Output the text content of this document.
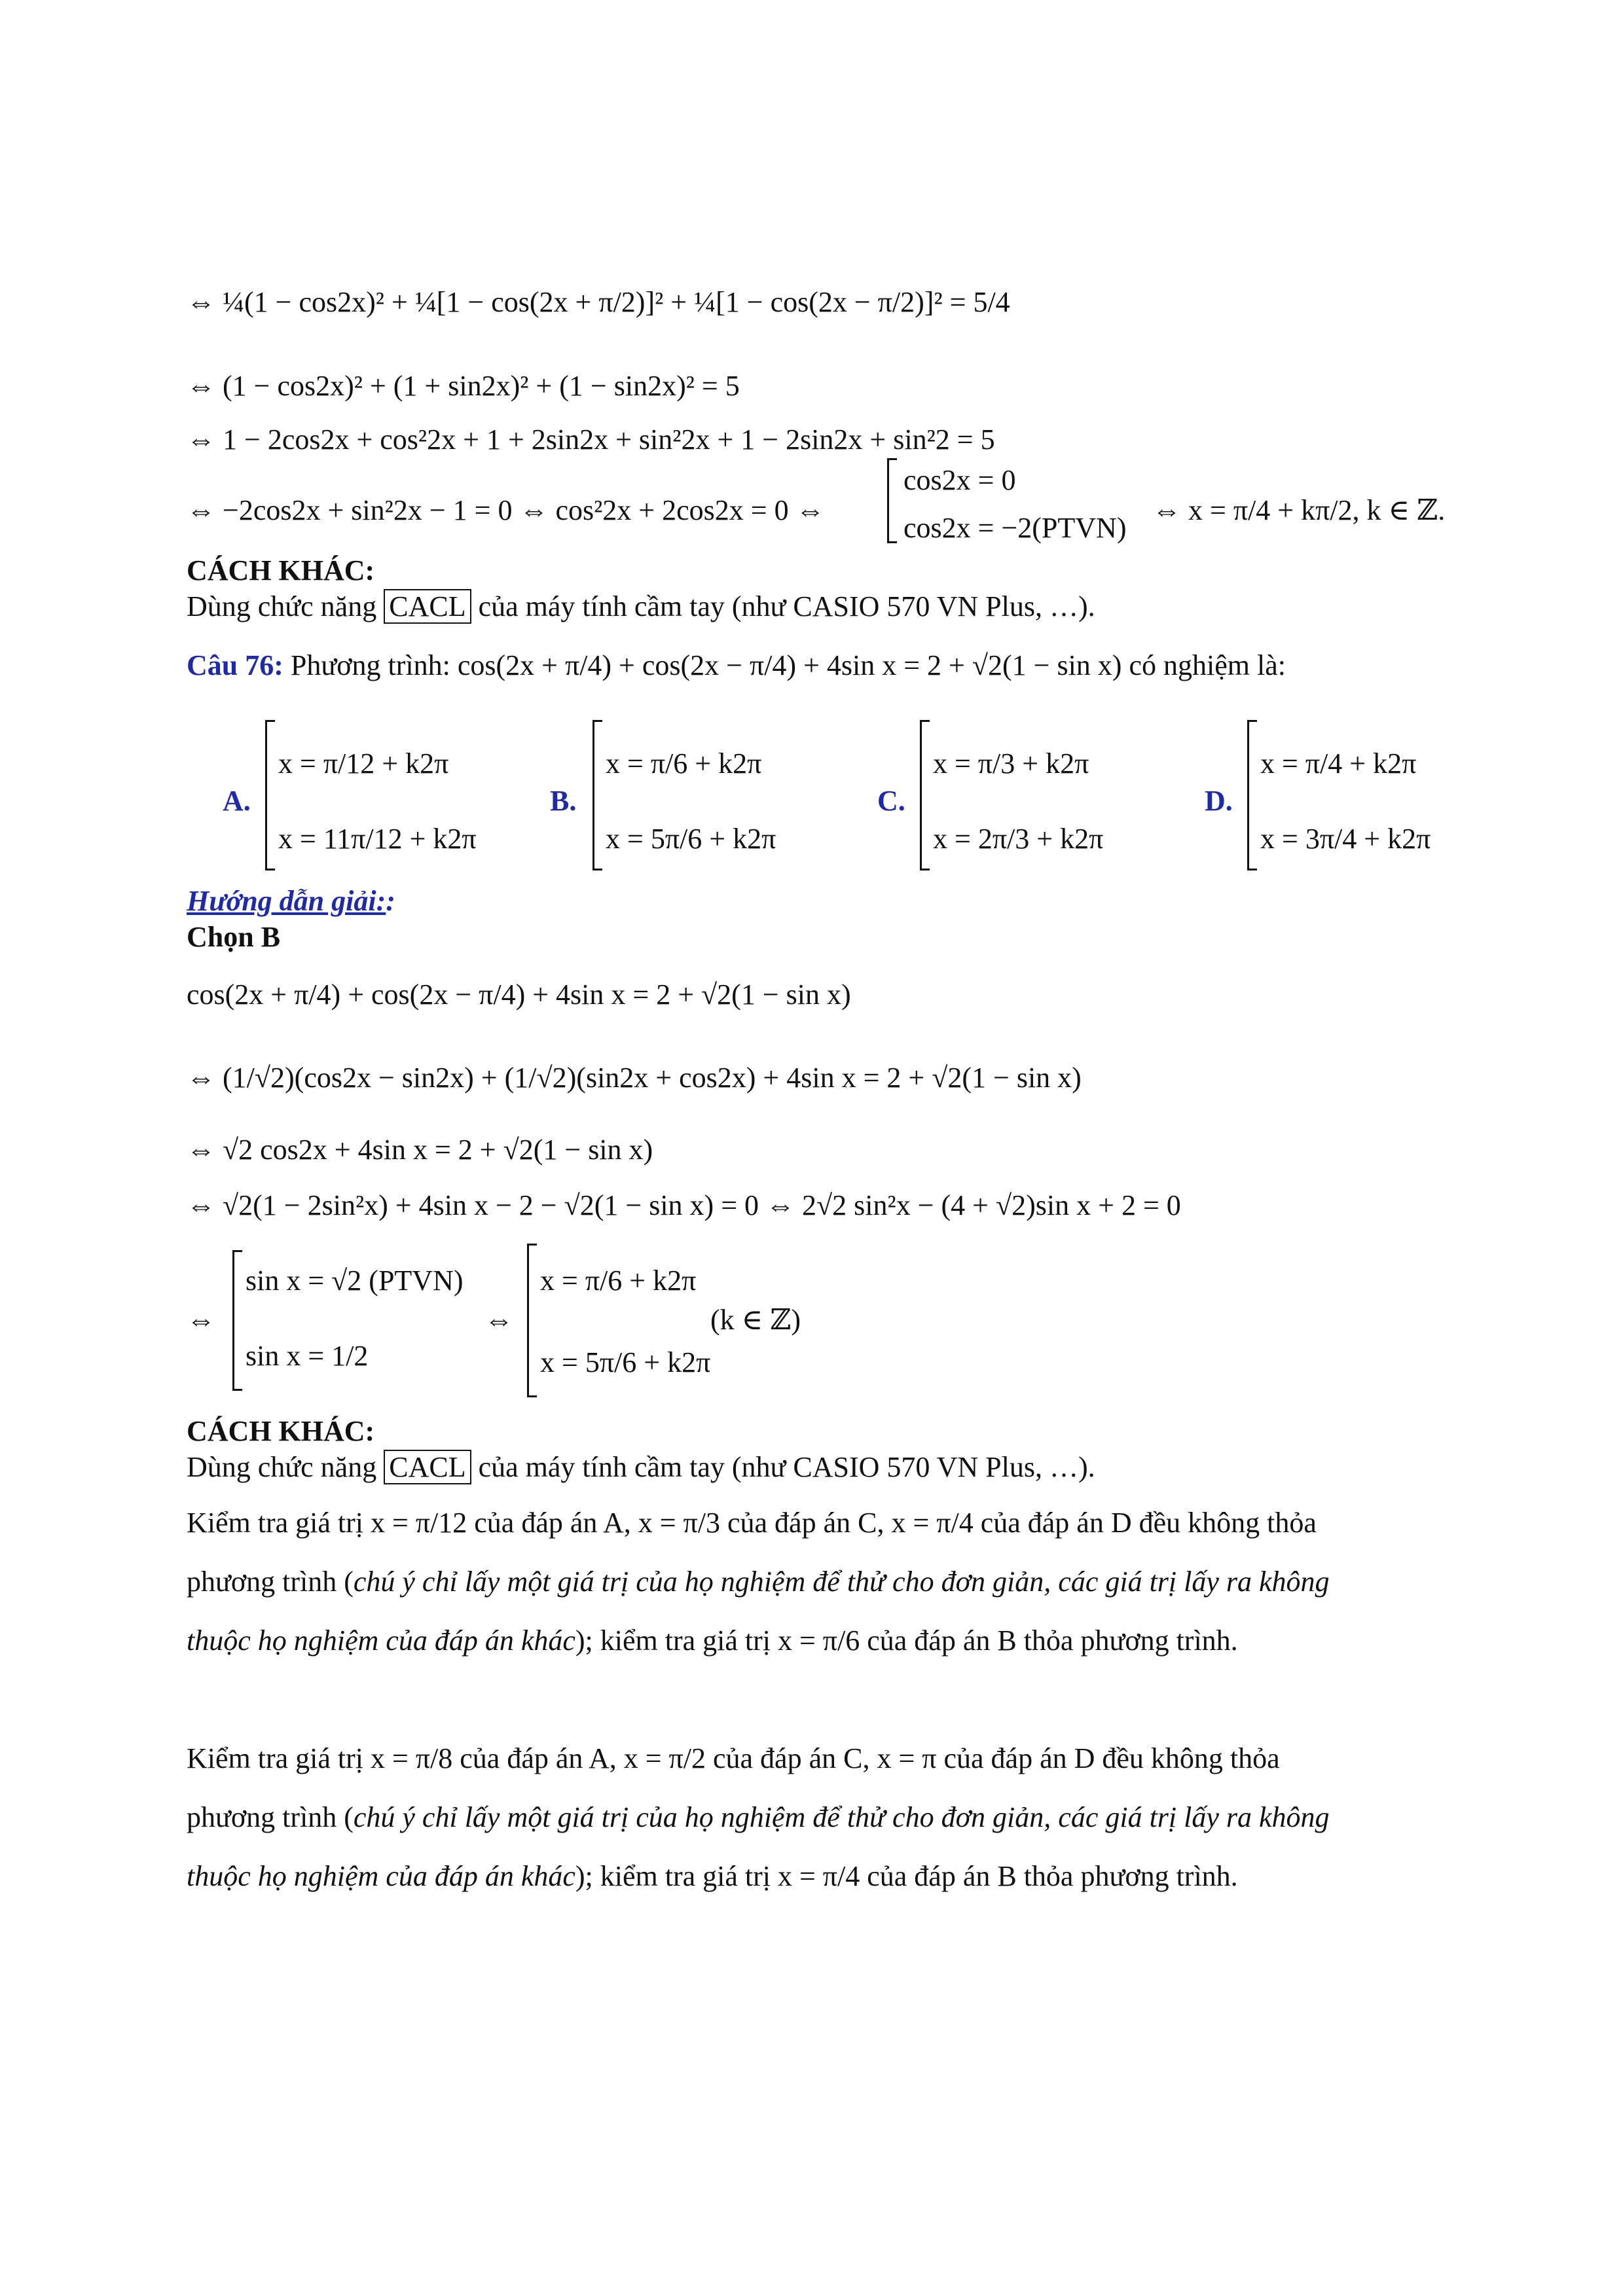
⇔ ¼(1 − cos2x)² + ¼[1 − cos(2x + π/2)]² + ¼[1 − cos(2x − π/2)]² = 5/4
⇔ (1 − cos2x)² + (1 + sin2x)² + (1 − sin2x)² = 5
⇔ 1 − 2cos2x + cos²2x + 1 + 2sin2x + sin²2x + 1 − 2sin2x + sin²2 = 5
⇔ −2cos2x + sin²2x − 1 = 0 ⇔ cos²2x + 2cos2x = 0 ⇔
cos2x = 0
cos2x = −2(PTVN)
⇔ x = π/4 + kπ/2, k ∈ ℤ.
CÁCH KHÁC:
Dùng chức năng CACL của máy tính cầm tay (như CASIO 570 VN Plus, …).
Câu 76: Phương trình: cos(2x + π/4) + cos(2x − π/4) + 4sin x = 2 + √2(1 − sin x) có nghiệm là:
A.
x = π/12 + k2π
x = 11π/12 + k2π
B.
x = π/6 + k2π
x = 5π/6 + k2π
C.
x = π/3 + k2π
x = 2π/3 + k2π
D.
x = π/4 + k2π
x = 3π/4 + k2π
Hướng dẫn giải::
Chọn B
cos(2x + π/4) + cos(2x − π/4) + 4sin x = 2 + √2(1 − sin x)
⇔ (1/√2)(cos2x − sin2x) + (1/√2)(sin2x + cos2x) + 4sin x = 2 + √2(1 − sin x)
⇔ √2 cos2x + 4sin x = 2 + √2(1 − sin x)
⇔ √2(1 − 2sin²x) + 4sin x − 2 − √2(1 − sin x) = 0 ⇔ 2√2 sin²x − (4 + √2)sin x + 2 = 0
⇔
sin x = √2 (PTVN)
sin x = 1/2
⇔
x = π/6 + k2π
x = 5π/6 + k2π
(k ∈ ℤ)
CÁCH KHÁC:
Dùng chức năng CACL của máy tính cầm tay (như CASIO 570 VN Plus, …).
Kiểm tra giá trị x = π/12 của đáp án A, x = π/3 của đáp án C, x = π/4 của đáp án D đều không thỏa
phương trình (chú ý chỉ lấy một giá trị của họ nghiệm để thử cho đơn giản, các giá trị lấy ra không
thuộc họ nghiệm của đáp án khác); kiểm tra giá trị x = π/6 của đáp án B thỏa phương trình.
Kiểm tra giá trị x = π/8 của đáp án A, x = π/2 của đáp án C, x = π của đáp án D đều không thỏa
phương trình (chú ý chỉ lấy một giá trị của họ nghiệm để thử cho đơn giản, các giá trị lấy ra không
thuộc họ nghiệm của đáp án khác); kiểm tra giá trị x = π/4 của đáp án B thỏa phương trình.
